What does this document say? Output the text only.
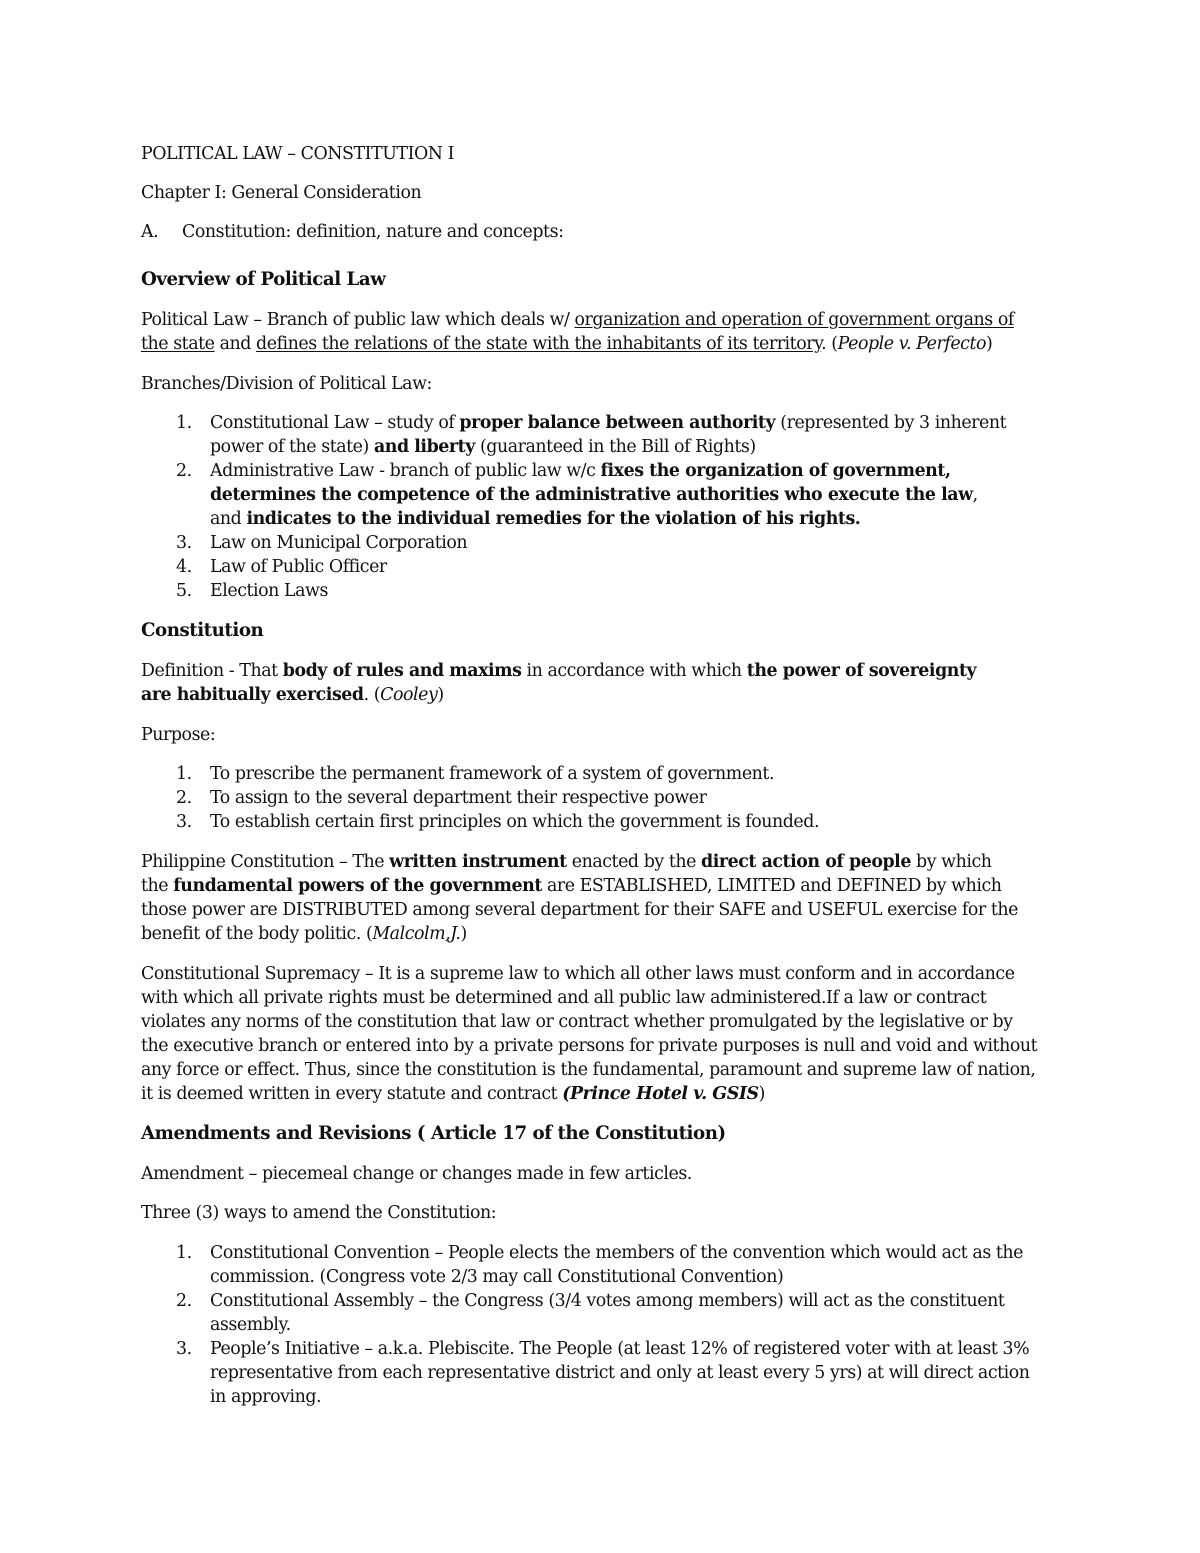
POLITICAL LAW – CONSTITUTION I
Chapter I: General Consideration
A. Constitution: definition, nature and concepts:
Overview of Political Law
Political Law – Branch of public law which deals w/ organization and operation of government organs of
the state and defines the relations of the state with the inhabitants of its territory. (People v. Perfecto)
Branches/Division of Political Law:
1. Constitutional Law – study of proper balance between authority (represented by 3 inherent
power of the state) and liberty (guaranteed in the Bill of Rights)
2. Administrative Law - branch of public law w/c fixes the organization of government,
determines the competence of the administrative authorities who execute the law,
and indicates to the individual remedies for the violation of his rights.
3. Law on Municipal Corporation
4. Law of Public Officer
5. Election Laws
Constitution
Definition - That body of rules and maxims in accordance with which the power of sovereignty
are habitually exercised. (Cooley)
Purpose:
1. To prescribe the permanent framework of a system of government.
2. To assign to the several department their respective power
3. To establish certain first principles on which the government is founded.
Philippine Constitution – The written instrument enacted by the direct action of people by which
the fundamental powers of the government are ESTABLISHED, LIMITED and DEFINED by which
those power are DISTRIBUTED among several department for their SAFE and USEFUL exercise for the
benefit of the body politic. (Malcolm,J.)
Constitutional Supremacy – It is a supreme law to which all other laws must conform and in accordance
with which all private rights must be determined and all public law administered.If a law or contract
violates any norms of the constitution that law or contract whether promulgated by the legislative or by
the executive branch or entered into by a private persons for private purposes is null and void and without
any force or effect. Thus, since the constitution is the fundamental, paramount and supreme law of nation,
it is deemed written in every statute and contract (Prince Hotel v. GSIS)
Amendments and Revisions ( Article 17 of the Constitution)
Amendment – piecemeal change or changes made in few articles.
Three (3) ways to amend the Constitution:
1. Constitutional Convention – People elects the members of the convention which would act as the
commission. (Congress vote 2/3 may call Constitutional Convention)
2. Constitutional Assembly – the Congress (3/4 votes among members) will act as the constituent
assembly.
3. People’s Initiative – a.k.a. Plebiscite. The People (at least 12% of registered voter with at least 3%
representative from each representative district and only at least every 5 yrs) at will direct action
in approving.
